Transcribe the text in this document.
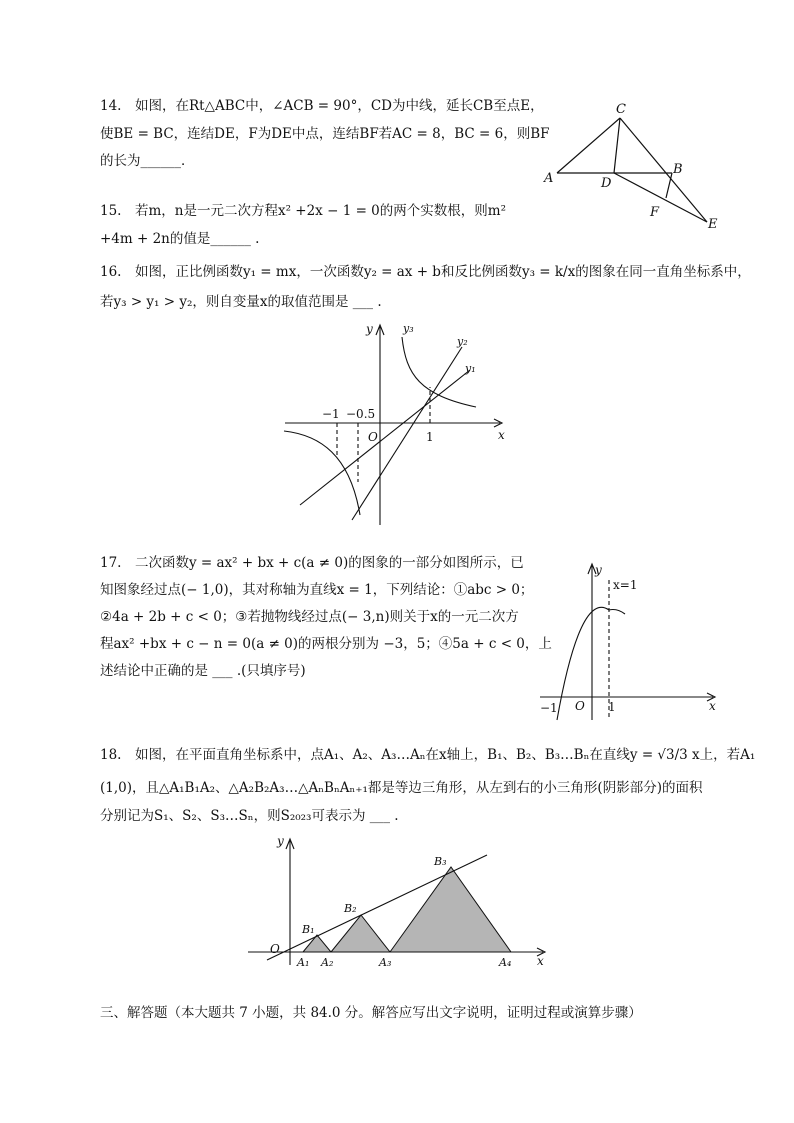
14.　如图，在Rt△ABC中，∠ACB = 90°，CD为中线，延长CB至点E，
使BE = BC，连结DE，F为DE中点，连结BF若AC = 8，BC = 6，则BF
的长为______．
C
A	D
B
F
E
15.　若m，n是一元二次方程x² +2x − 1 = 0的两个实数根，则m²
+4m + 2n的值是______ .
16.　如图，正比例函数y₁ = mx，一次函数y₂ = ax + b和反比例函数y₃ = k/x的图象在同一直角坐标系中，
若y₃ > y₁ > y₂，则自变量x的取值范围是 ___ .
y
x
O
y₁
y₂
y₃
−1 −0.5
1
17.　二次函数y = ax² + bx + c(a ≠ 0)的图象的一部分如图所示，已
知图象经过点(− 1,0)，其对称轴为直线x = 1，下列结论：①abc > 0；
②4a + 2b + c < 0；③若抛物线经过点(− 3,n)则关于x的一元二次方
程ax² +bx + c − n = 0(a ≠ 0)的两根分别为 −3，5；④5a + c < 0，上
述结论中正确的是 ___ .(只填序号)
y
x
O
x=1
−1	1
18.　如图，在平面直角坐标系中，点A₁、A₂、A₃…Aₙ在x轴上，B₁、B₂、B₃…Bₙ在直线y = √3/3 x上，若A₁
(1,0)，且△A₁B₁A₂、△A₂B₂A₃…△AₙBₙAₙ₊₁都是等边三角形，从左到右的小三角形(阴影部分)的面积
分别记为S₁、S₂、S₃…Sₙ，则S₂₀₂₃可表示为 ___ .
y
x
O
A₁ A₂	A₃	A₄
B₁
B₂
B₃
三、解答题（本大题共 7 小题，共 84.0 分。解答应写出文字说明，证明过程或演算步骤）
